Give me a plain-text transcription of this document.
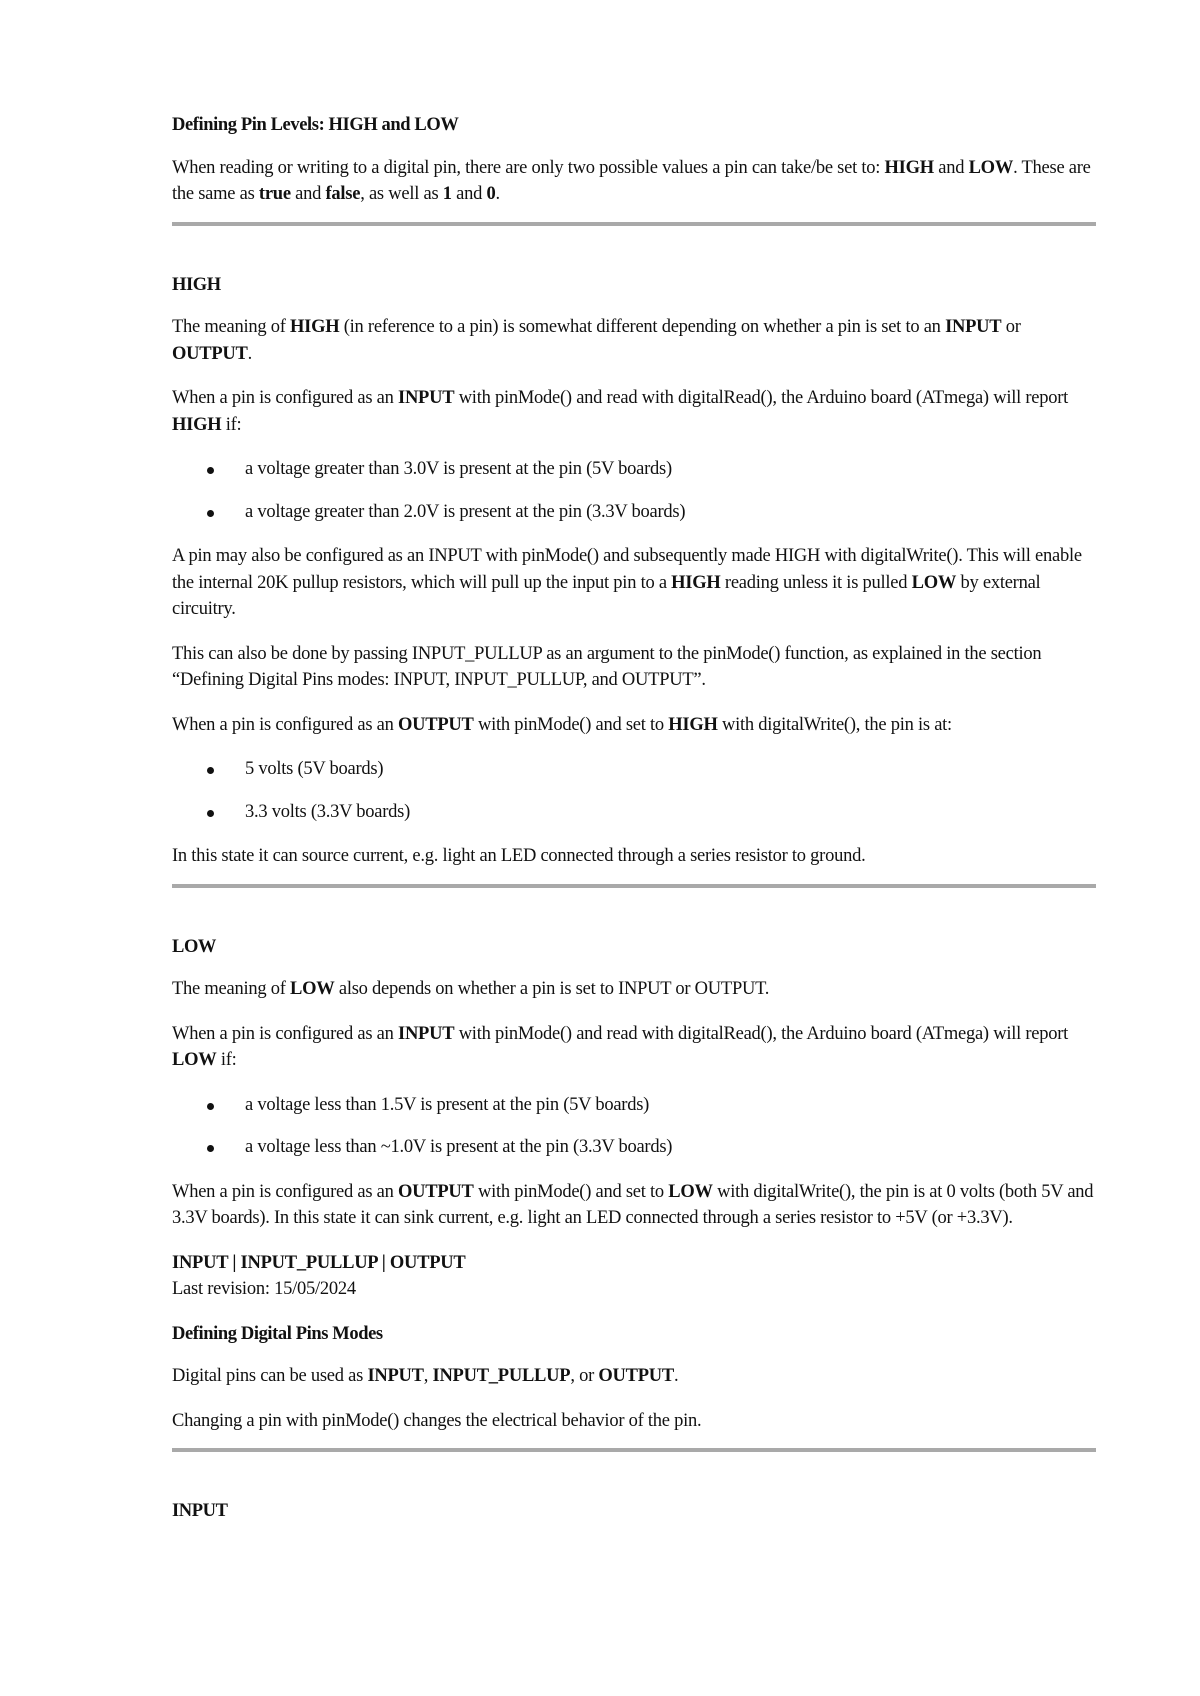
Defining Pin Levels: HIGH and LOW

When reading or writing to a digital pin, there are only two possible values a pin can take/be set to: HIGH and LOW. These are the same as true and false, as well as 1 and 0.

HIGH

The meaning of HIGH (in reference to a pin) is somewhat different depending on whether a pin is set to an INPUT or OUTPUT.

When a pin is configured as an INPUT with pinMode() and read with digitalRead(), the Arduino board (ATmega) will report HIGH if:

a voltage greater than 3.0V is present at the pin (5V boards)
a voltage greater than 2.0V is present at the pin (3.3V boards)

A pin may also be configured as an INPUT with pinMode() and subsequently made HIGH with digitalWrite(). This will enable the internal 20K pullup resistors, which will pull up the input pin to a HIGH reading unless it is pulled LOW by external circuitry.

This can also be done by passing INPUT_PULLUP as an argument to the pinMode() function, as explained in the section “Defining Digital Pins modes: INPUT, INPUT_PULLUP, and OUTPUT”.

When a pin is configured as an OUTPUT with pinMode() and set to HIGH with digitalWrite(), the pin is at:

5 volts (5V boards)
3.3 volts (3.3V boards)

In this state it can source current, e.g. light an LED connected through a series resistor to ground.

LOW

The meaning of LOW also depends on whether a pin is set to INPUT or OUTPUT.

When a pin is configured as an INPUT with pinMode() and read with digitalRead(), the Arduino board (ATmega) will report LOW if:

a voltage less than 1.5V is present at the pin (5V boards)
a voltage less than ~1.0V is present at the pin (3.3V boards)

When a pin is configured as an OUTPUT with pinMode() and set to LOW with digitalWrite(), the pin is at 0 volts (both 5V and 3.3V boards). In this state it can sink current, e.g. light an LED connected through a series resistor to +5V (or +3.3V).

INPUT | INPUT_PULLUP | OUTPUT

Last revision: 15/05/2024

Defining Digital Pins Modes

Digital pins can be used as INPUT, INPUT_PULLUP, or OUTPUT.

Changing a pin with pinMode() changes the electrical behavior of the pin.

INPUT
